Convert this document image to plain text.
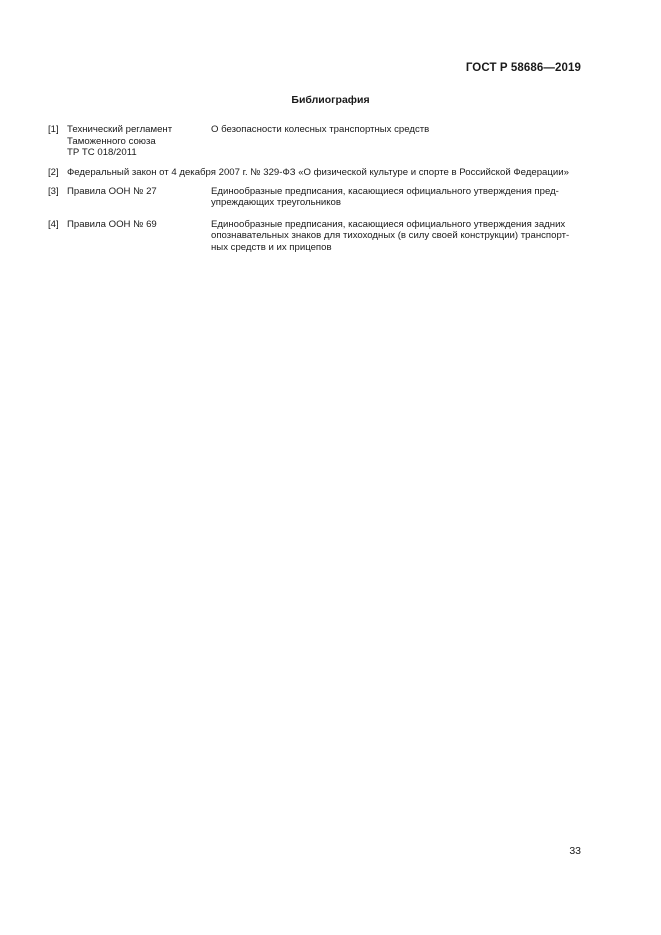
ГОСТ Р 58686—2019
Библиография
[1] Технический регламент
Таможенного союза
ТР ТС 018/2011
О безопасности колесных транспортных средств
[2] Федеральный закон от 4 декабря 2007 г. № 329-ФЗ «О физической культуре и спорте в Российской Федерации»
[3] Правила ООН № 27	Единообразные предписания, касающиеся официального утверждения пред-
упреждающих треугольников
[4] Правила ООН № 69	Единообразные предписания, касающиеся официального утверждения задних
опознавательных знаков для тихоходных (в силу своей конструкции) транспорт-
ных средств и их прицепов
33
